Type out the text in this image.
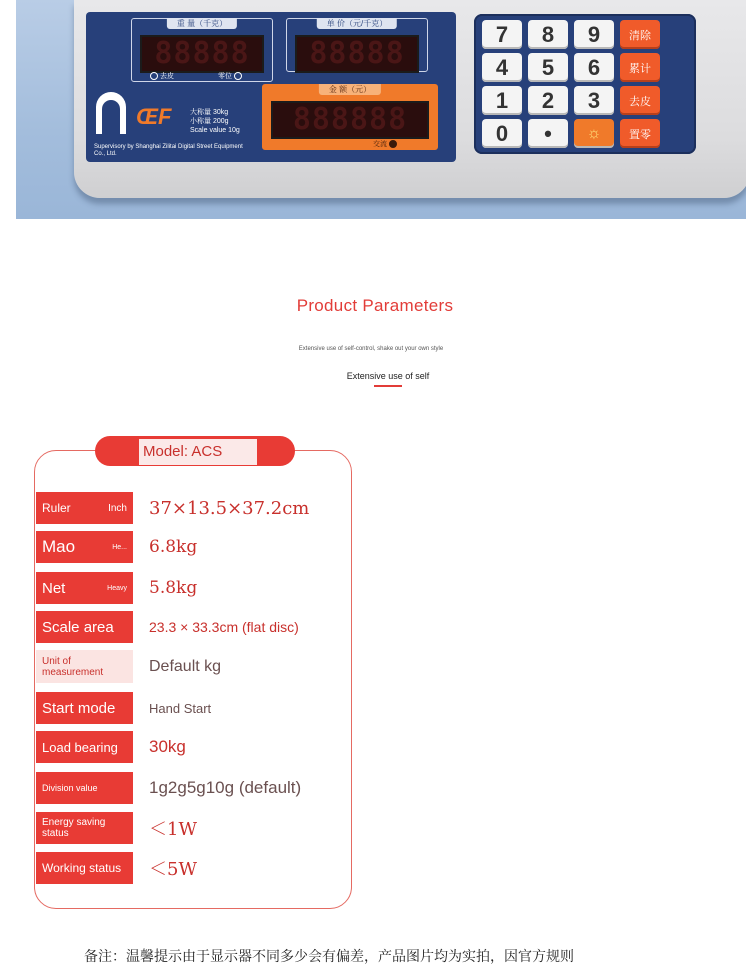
重 量（千克）
88888
去皮	零位
单 价（元/千克）
88888
金 额（元）
888888
交流
ŒF	大称量 30kg
小称量 200g
Scale value 10g
Supervisory by Shanghai Zilitai Digital Street Equipment Co., Ltd.
7	8	9	清除
4	5	6	累计
1	2	3	去皮
0	•	☼	置零
Product Parameters
Extensive use of self-control, shake out your own style
Extensive use of self
Model: ACS
Ruler	Inch 37×13.5×37.2cm
Mao	He... 6.8kg
Net	Heavy 5.8kg
Scale area	23.3 × 33.3cm (flat disc)
Unit of measurement	Default kg
Start mode	Hand Start
Load bearing 30kg
Division value	1g2g5g10g (default)
Energy saving status	＜1W
Working status ＜5W
备注：温馨提示由于显示器不同多少会有偏差，产品图片均为实拍，因官方规则
